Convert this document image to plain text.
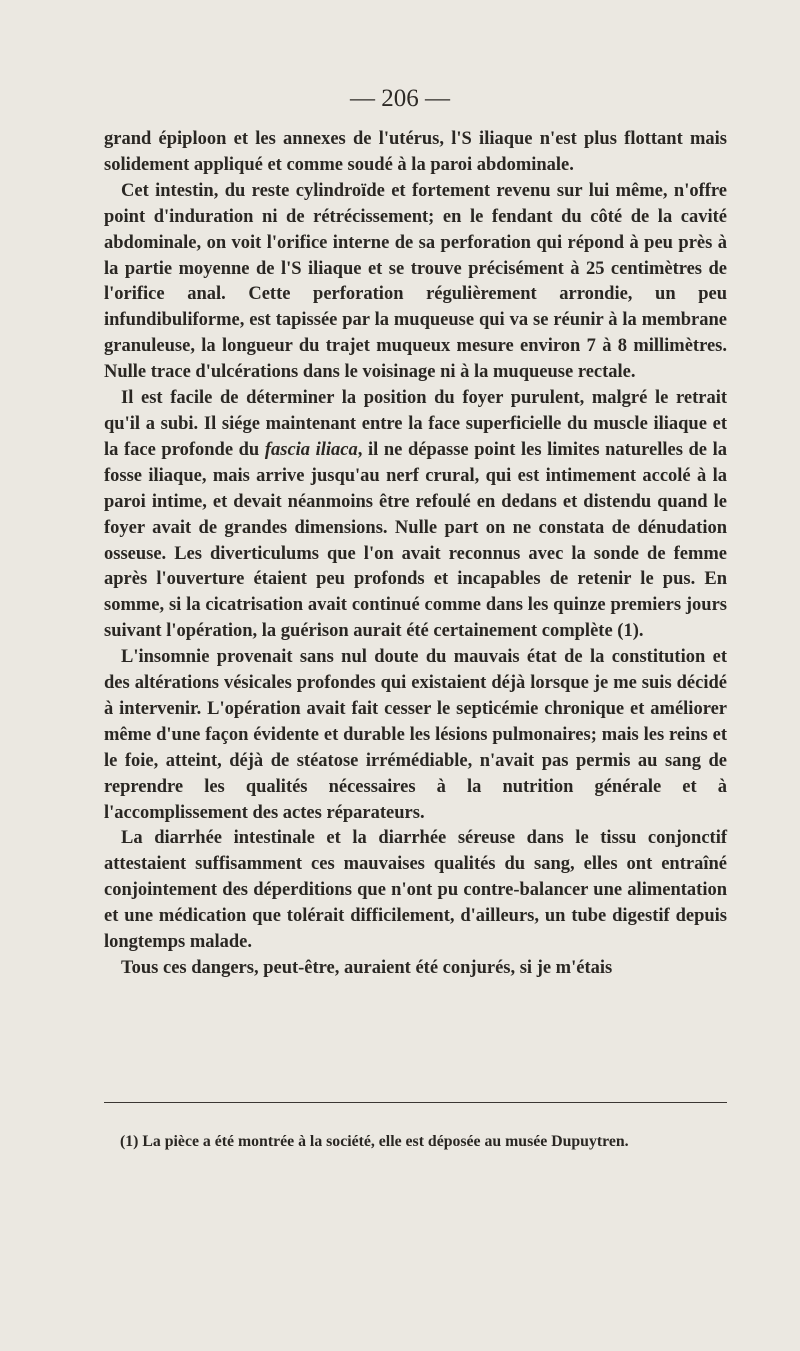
— 206 —

grand épiploon et les annexes de l'utérus, l'S iliaque n'est plus flottant mais solidement appliqué et comme soudé à la paroi abdominale.

Cet intestin, du reste cylindroïde et fortement revenu sur lui même, n'offre point d'induration ni de rétrécissement; en le fendant du côté de la cavité abdominale, on voit l'orifice interne de sa perforation qui répond à peu près à la partie moyenne de l'S iliaque et se trouve précisément à 25 centimètres de l'orifice anal. Cette perforation régulièrement arrondie, un peu infundibuliforme, est tapissée par la muqueuse qui va se réunir à la membrane granuleuse, la longueur du trajet muqueux mesure environ 7 à 8 millimètres. Nulle trace d'ulcérations dans le voisinage ni à la muqueuse rectale.

Il est facile de déterminer la position du foyer purulent, malgré le retrait qu'il a subi. Il siége maintenant entre la face superficielle du muscle iliaque et la face profonde du fascia iliaca, il ne dépasse point les limites naturelles de la fosse iliaque, mais arrive jusqu'au nerf crural, qui est intimement accolé à la paroi intime, et devait néanmoins être refoulé en dedans et distendu quand le foyer avait de grandes dimensions. Nulle part on ne constata de dénudation osseuse. Les diverticulums que l'on avait reconnus avec la sonde de femme après l'ouverture étaient peu profonds et incapables de retenir le pus. En somme, si la cicatrisation avait continué comme dans les quinze premiers jours suivant l'opération, la guérison aurait été certainement complète (1).

L'insomnie provenait sans nul doute du mauvais état de la constitution et des altérations vésicales profondes qui existaient déjà lorsque je me suis décidé à intervenir. L'opération avait fait cesser le septicémie chronique et améliorer même d'une façon évidente et durable les lésions pulmonaires; mais les reins et le foie, atteint, déjà de stéatose irrémédiable, n'avait pas permis au sang de reprendre les qualités nécessaires à la nutrition générale et à l'accomplissement des actes réparateurs.

La diarrhée intestinale et la diarrhée séreuse dans le tissu conjonctif attestaient suffisamment ces mauvaises qualités du sang, elles ont entraîné conjointement des déperditions que n'ont pu contre-balancer une alimentation et une médication que tolérait difficilement, d'ailleurs, un tube digestif depuis longtemps malade.

Tous ces dangers, peut-être, auraient été conjurés, si je m'étais

(1) La pièce a été montrée à la société, elle est déposée au musée Dupuytren.
